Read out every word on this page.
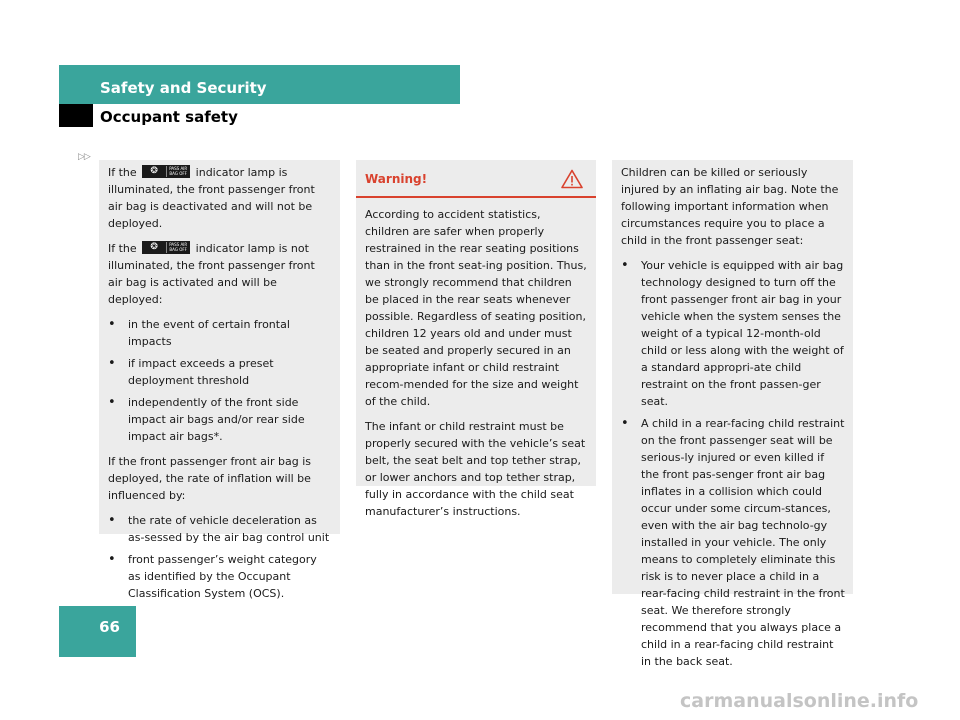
Safety and Security
Occupant safety
▷▷

If the	❂	PASS AIR BAG OFF indicator lamp is illuminated, the front passenger front air bag is deactivated and will not be deployed.

If the	❂	PASS AIR BAG OFF indicator lamp is not illuminated, the front passenger front air bag is activated and will be deployed:

• in the event of certain frontal impacts
• if impact exceeds a preset deployment threshold
• independently of the front side impact air bags and/or rear side impact air bags*.

If the front passenger front air bag is deployed, the rate of inflation will be influenced by:

• the rate of vehicle deceleration as as-sessed by the air bag control unit
• front passenger’s weight category as identified by the Occupant Classification System (OCS).
Warning!

According to accident statistics, children are safer when properly restrained in the rear seating positions than in the front seat-ing position. Thus, we strongly recommend that children be placed in the rear seats whenever possible. Regardless of seating position, children 12 years old and under must be seated and properly secured in an appropriate infant or child restraint recom-mended for the size and weight of the child.

The infant or child restraint must be properly secured with the vehicle’s seat belt, the seat belt and top tether strap, or lower anchors and top tether strap, fully in accordance with the child seat manufacturer’s instructions.

Children can be killed or seriously injured by an inflating air bag. Note the following important information when circumstances require you to place a child in the front passenger seat:

• Your vehicle is equipped with air bag technology designed to turn off the front passenger front air bag in your vehicle when the system senses the weight of a typical 12-month-old child or less along with the weight of a standard appropri-ate child restraint on the front passen-ger seat.
• A child in a rear-facing child restraint on the front passenger seat will be serious-ly injured or even killed if the front pas-senger front air bag inflates in a collision which could occur under some circum-stances, even with the air bag technolo-gy installed in your vehicle. The only means to completely eliminate this risk is to never place a child in a rear-facing child restraint in the front seat. We therefore strongly recommend that you always place a child in a rear-facing child restraint in the back seat.
66
carmanualsonline.info
